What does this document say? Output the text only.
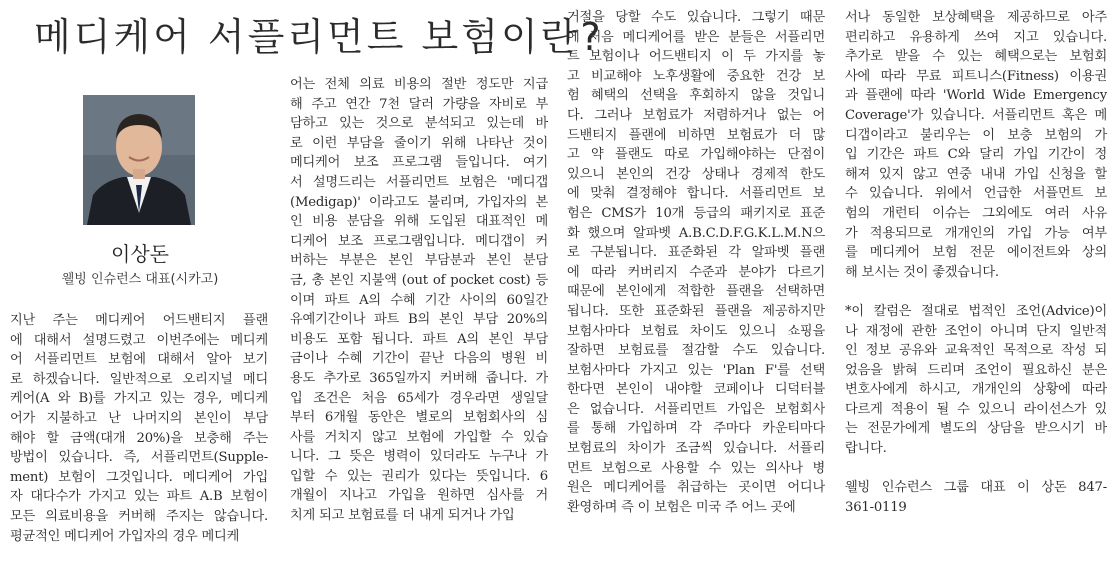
메디케어 서플리먼트 보험이란?
이상돈
웰빙 인슈런스 대표(시카고)
지난 주는 메디케어 어드밴티지 플랜
에 대해서 설명드렸고 이번주에는 메디케
어 서플리먼트 보험에 대해서 알아 보기
로 하겠습니다. 일반적으로 오리지널 메디
케어(A 와 B)를 가지고 있는 경우, 메디케
어가 지불하고 난 나머지의 본인이 부담
해야 할 금액(대개 20%)을 보충해 주는
방법이 있습니다. 즉, 서플리먼트(Supple-
ment) 보험이 그것입니다. 메디케어 가입
자 대다수가 가지고 있는 파트 A.B 보험이
모든 의료비용을 커버해 주지는 않습니다.
평균적인 메디케어 가입자의 경우 메디케
어는 전체 의료 비용의 절반 정도만 지급
해 주고 연간 7천 달러 가량을 자비로 부
담하고 있는 것으로 분석되고 있는데 바
로 이런 부담을 줄이기 위해 나타난 것이
메디케어 보조 프로그램 들입니다. 여기
서 설명드리는 서플리먼트 보험은 '메디갭
(Medigap)' 이라고도 불리며, 가입자의 본
인 비용 분담을 위해 도입된 대표적인 메
디케어 보조 프로그램입니다. 메디갭이 커
버하는 부분은 본인 부담분과 본인 분담
금, 총 본인 지불액 (out of pocket cost) 등
이며 파트 A의 수혜 기간 사이의 60일간
유예기간이나 파트 B의 본인 부담 20%의
비용도 포함 됩니다. 파트 A의 본인 부담
금이나 수혜 기간이 끝난 다음의 병원 비
용도 추가로 365일까지 커버해 줍니다. 가
입 조건은 처음 65세가 경우라면 생일달
부터 6개월 동안은 별로의 보험회사의 심
사를 거치지 않고 보험에 가입할 수 있습
니다. 그 뜻은 병력이 있더라도 누구나 가
입할 수 있는 권리가 있다는 뜻입니다. 6
개월이 지나고 가입을 원하면 심사를 거
치게 되고 보험료를 더 내게 되거나 가입
거절을 당할 수도 있습니다. 그렇기 때문
에 처음 메디케어를 받은 분들은 서플리먼
트 보험이나 어드밴티지 이 두 가지를 놓
고 비교해야 노후생활에 중요한 건강 보
험 혜택의 선택을 후회하지 않을 것입니
다. 그러나 보험료가 저렴하거나 없는 어
드밴티지 플랜에 비하면 보험료가 더 많
고 약 플랜도 따로 가입해야하는 단점이
있으니 본인의 건강 상태나 경제적 한도
에 맞춰 결정해야 합니다. 서플리먼트 보
험은 CMS가 10개 등급의 패키지로 표준
화 했으며 알파벳 A.B.C.D.F.G.K.L.M.N으
로 구분됩니다. 표준화된 각 알파벳 플랜
에 따라 커버리지 수준과 분야가 다르기
때문에 본인에게 적합한 플랜을 선택하면
됩니다. 또한 표준화된 플랜을 제공하지만
보험사마다 보험료 차이도 있으니 쇼핑을
잘하면 보험료를 절감할 수도 있습니다.
보험사마다 가지고 있는 'Plan F'를 선택
한다면 본인이 내야할 코페이나 디덕터블
은 없습니다. 서플리먼트 가입은 보험회사
를 통해 가입하며 각 주마다 카운티마다
보험료의 차이가 조금씩 있습니다. 서플리
먼트 보험으로 사용할 수 있는 의사나 병
원은 메디케어를 취급하는 곳이면 어디나
환영하며 즉 이 보험은 미국 주 어느 곳에
서나 동일한 보상혜택을 제공하므로 아주
편리하고 유용하게 쓰여 지고 있습니다.
추가로 받을 수 있는 혜택으로는 보험회
사에 따라 무료 피트니스(Fitness) 이용권
과 플랜에 따라 'World Wide Emergency
Coverage'가 있습니다. 서플리먼트 혹은 메
디갭이라고 불리우는 이 보충 보험의 가
입 기간은 파트 C와 달리 가입 기간이 정
해져 있지 않고 연중 내내 가입 신청을 할
수 있습니다. 위에서 언급한 서플먼트 보
험의 개런티 이슈는 그외에도 여러 사유
가 적용되므로 개개인의 가입 가능 여부
를 메디케어 보험 전문 에이전트와 상의
해 보시는 것이 좋겠습니다.
*이 칼럼은 절대로 법적인 조언(Advice)이
나 재정에 관한 조언이 아니며 단지 일반적
인 정보 공유와 교육적인 목적으로 작성 되
었음을 밝혀 드리며 조언이 필요하신 분은
변호사에게 하시고, 개개인의 상황에 따라
다르게 적용이 될 수 있으니 라이선스가 있
는 전문가에게 별도의 상담을 받으시기 바
랍니다.
웰빙 인슈런스 그룹 대표 이 상돈 847-
361-0119
